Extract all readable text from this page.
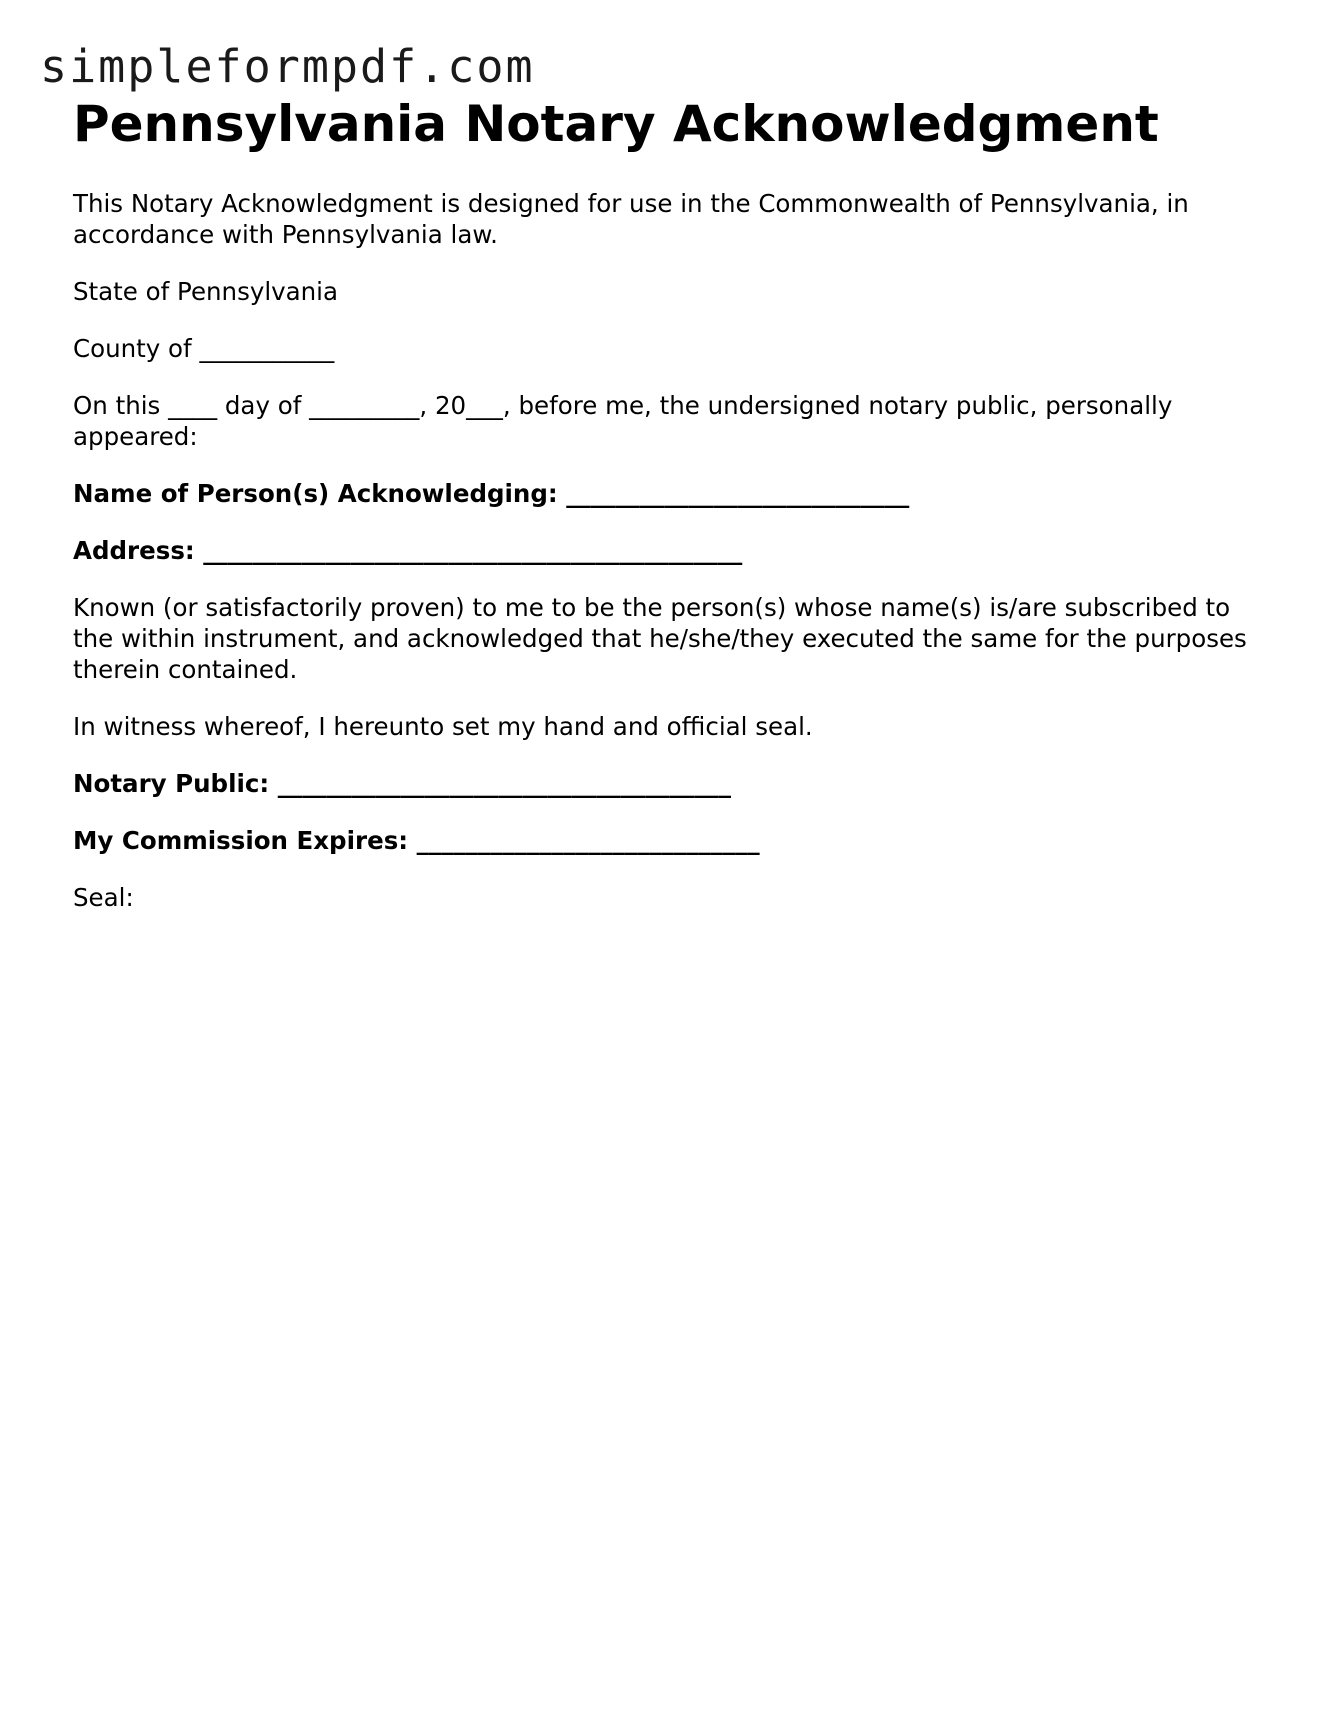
simpleformpdf.com
Pennsylvania Notary Acknowledgment

This Notary Acknowledgment is designed for use in the Commonwealth of Pennsylvania, in accordance with Pennsylvania law.

State of Pennsylvania

County of ___________

On this ____ day of _________, 20___, before me, the undersigned notary public, personally appeared:

Name of Person(s) Acknowledging: ____________________________

Address: ____________________________________________

Known (or satisfactorily proven) to me to be the person(s) whose name(s) is/are subscribed to the within instrument, and acknowledged that he/she/they executed the same for the purposes therein contained.

In witness whereof, I hereunto set my hand and official seal.

Notary Public: _____________________________________

My Commission Expires: ____________________________

Seal:
